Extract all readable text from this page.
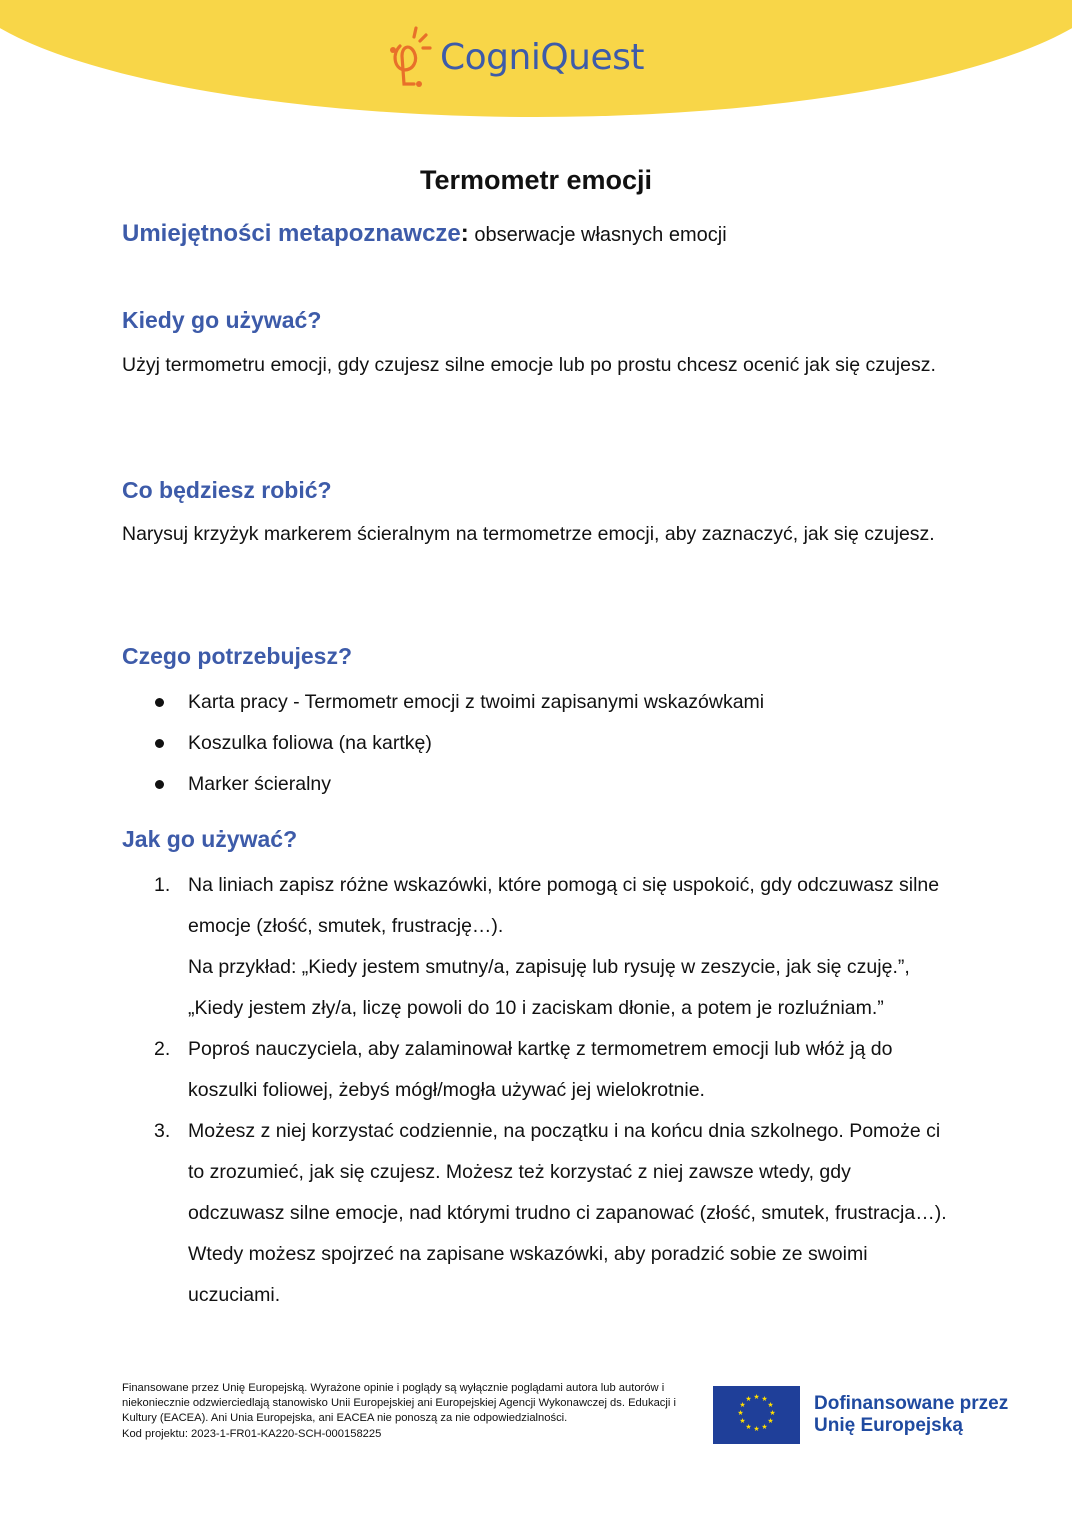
CogniQuest
Termometr emocji
Umiejętności metapoznawcze: obserwacje własnych emocji
Kiedy go używać?

Użyj termometru emocji, gdy czujesz silne emocje lub po prostu chcesz ocenić jak się czujesz.

Co będziesz robić?

Narysuj krzyżyk markerem ścieralnym na termometrze emocji, aby zaznaczyć, jak się czujesz.

Czego potrzebujesz?
Karta pracy - Termometr emocji z twoimi zapisanymi wskazówkami
Koszulka foliowa (na kartkę)
Marker ścieralny
Jak go używać?
1. Na liniach zapisz różne wskazówki, które pomogą ci się uspokoić, gdy odczuwasz silne emocje (złość, smutek, frustrację…).
Na przykład: „Kiedy jestem smutny/a, zapisuję lub rysuję w zeszycie, jak się czuję.”, „Kiedy jestem zły/a, liczę powoli do 10 i zaciskam dłonie, a potem je rozluźniam.”
2. Poproś nauczyciela, aby zalaminował kartkę z termometrem emocji lub włóż ją do koszulki foliowej, żebyś mógł/mogła używać jej wielokrotnie.
3. Możesz z niej korzystać codziennie, na początku i na końcu dnia szkolnego. Pomoże ci to zrozumieć, jak się czujesz. Możesz też korzystać z niej zawsze wtedy, gdy odczuwasz silne emocje, nad którymi trudno ci zapanować (złość, smutek, frustracja…). Wtedy możesz spojrzeć na zapisane wskazówki, aby poradzić sobie ze swoimi uczuciami.
Finansowane przez Unię Europejską. Wyrażone opinie i poglądy są wyłącznie poglądami autora lub autorów i niekoniecznie odzwierciedlają stanowisko Unii Europejskiej ani Europejskiej Agencji Wykonawczej ds. Edukacji i Kultury (EACEA). Ani Unia Europejska, ani EACEA nie ponoszą za nie odpowiedzialności.
Kod projektu: 2023-1-FR01-KA220-SCH-000158225
★ ★
★
★
★
★
★
★
★
★
★
★	Dofinansowane przez
Unię Europejską
